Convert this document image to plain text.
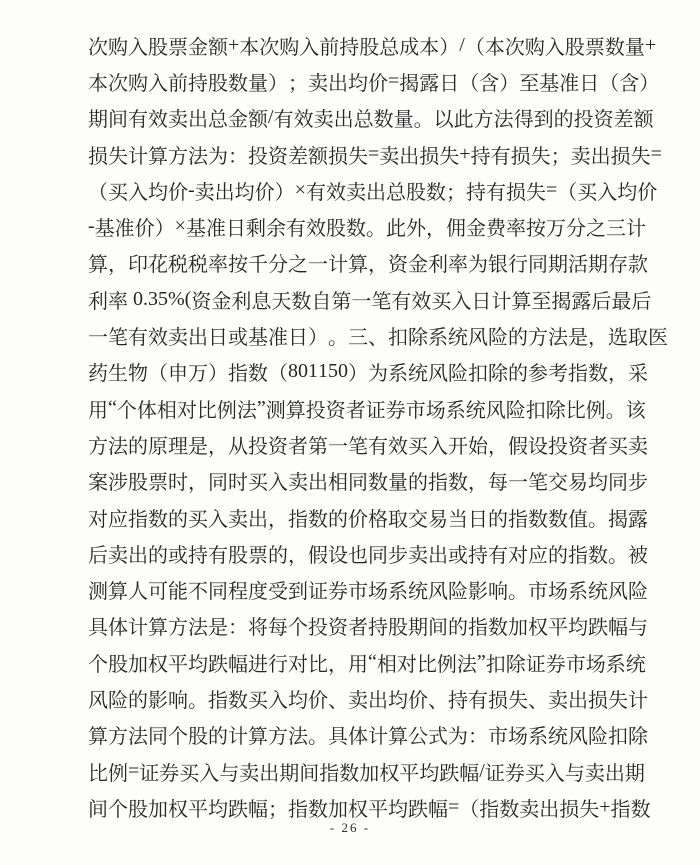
次 购 入 股 票 金 额 + 本 次 购 入 前 持 股 总 成 本 ） / （ 本 次 购 入 股 票 数 量 +
本 次 购 入 前 持 股 数 量 ） ； 卖 出 均 价 = 揭 露 日 （ 含 ） 至 基 准 日 （ 含 ）
期 间 有 效 卖 出 总 金 额 / 有 效 卖 出 总 数 量 。 以 此 方 法 得 到 的 投 资 差 额
损 失 计 算 方 法 为 ： 投 资 差 额 损 失 = 卖 出 损 失 + 持 有 损 失 ； 卖 出 损 失 =
（ 买 入 均 价 - 卖 出 均 价 ） × 有 效 卖 出 总 股 数 ； 持 有 损 失 = （ 买 入 均 价
- 基 准 价 ） × 基 准 日 剩 余 有 效 股 数 。 此 外 ， 佣 金 费 率 按 万 分 之 三 计
算 ， 印 花 税 税 率 按 千 分 之 一 计 算 ， 资 金 利 率 为 银 行 同 期 活 期 存 款
利 率
0 . 3 5 % ( 资 金 利 息 天 数 自 第 一 笔 有 效 买 入 日 计 算 至 揭 露 后 最 后
一 笔 有 效 卖 出 日 或 基 准 日 ） 。 三 、 扣 除 系 统 风 险 的 方 法 是 ， 选 取 医
药 生 物 （ 申 万 ） 指 数 （ 8 0 1 1 5 0 ） 为 系 统 风 险 扣 除 的 参 考 指 数 ， 采
用 “ 个 体 相 对 比 例 法 ” 测 算 投 资 者 证 券 市 场 系 统 风 险 扣 除 比 例 。 该
方 法 的 原 理 是 ， 从 投 资 者 第 一 笔 有 效 买 入 开 始 ， 假 设 投 资 者 买 卖
案 涉 股 票 时 ， 同 时 买 入 卖 出 相 同 数 量 的 指 数 ， 每 一 笔 交 易 均 同 步
对 应 指 数 的 买 入 卖 出 ， 指 数 的 价 格 取 交 易 当 日 的 指 数 数 值 。 揭 露
后 卖 出 的 或 持 有 股 票 的 ， 假 设 也 同 步 卖 出 或 持 有 对 应 的 指 数 。 被
测 算 人 可 能 不 同 程 度 受 到 证 券 市 场 系 统 风 险 影 响 。 市 场 系 统 风 险
具 体 计 算 方 法 是 ： 将 每 个 投 资 者 持 股 期 间 的 指 数 加 权 平 均 跌 幅 与
个 股 加 权 平 均 跌 幅 进 行 对 比 ， 用 “ 相 对 比 例 法 ” 扣 除 证 券 市 场 系 统
风 险 的 影 响 。 指 数 买 入 均 价 、 卖 出 均 价 、 持 有 损 失 、 卖 出 损 失 计
算 方 法 同 个 股 的 计 算 方 法 。 具 体 计 算 公 式 为 ： 市 场 系 统 风 险 扣 除
比 例 = 证 券 买 入 与 卖 出 期 间 指 数 加 权 平 均 跌 幅 / 证 券 买 入 与 卖 出 期
间 个 股 加 权 平 均 跌 幅 ； 指 数 加 权 平 均 跌 幅 = （ 指 数 卖 出 损 失 + 指 数
- 26 -
